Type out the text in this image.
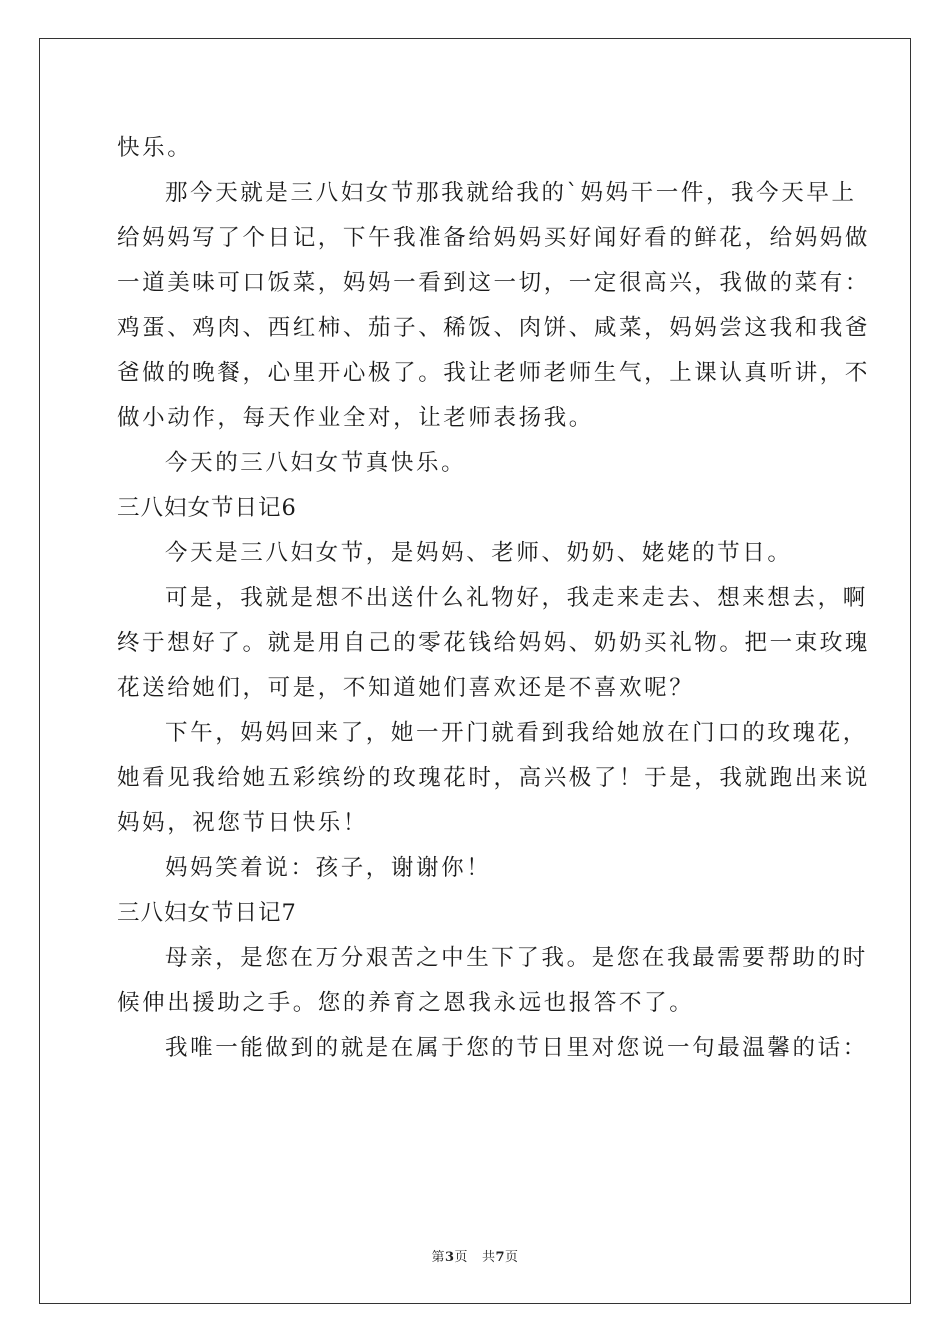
快乐。
那今天就是三八妇女节那我就给我的`妈妈干一件，我今天早上
给妈妈写了个日记，下午我准备给妈妈买好闻好看的鲜花，给妈妈做
一道美味可口饭菜，妈妈一看到这一切，一定很高兴，我做的菜有：
鸡蛋、鸡肉、西红柿、茄子、稀饭、肉饼、咸菜，妈妈尝这我和我爸
爸做的晚餐，心里开心极了。我让老师老师生气，上课认真听讲，不
做小动作，每天作业全对，让老师表扬我。
今天的三八妇女节真快乐。
三八妇女节日记6
今天是三八妇女节，是妈妈、老师、奶奶、姥姥的节日。
可是，我就是想不出送什么礼物好，我走来走去、想来想去，啊
终于想好了。就是用自己的零花钱给妈妈、奶奶买礼物。把一束玫瑰
花送给她们，可是，不知道她们喜欢还是不喜欢呢？
下午，妈妈回来了，她一开门就看到我给她放在门口的玫瑰花，
她看见我给她五彩缤纷的玫瑰花时，高兴极了！于是，我就跑出来说
妈妈，祝您节日快乐！
妈妈笑着说：孩子，谢谢你！
三八妇女节日记7
母亲，是您在万分艰苦之中生下了我。是您在我最需要帮助的时
候伸出援助之手。您的养育之恩我永远也报答不了。
我唯一能做到的就是在属于您的节日里对您说一句最温馨的话：
第3页 共7页
